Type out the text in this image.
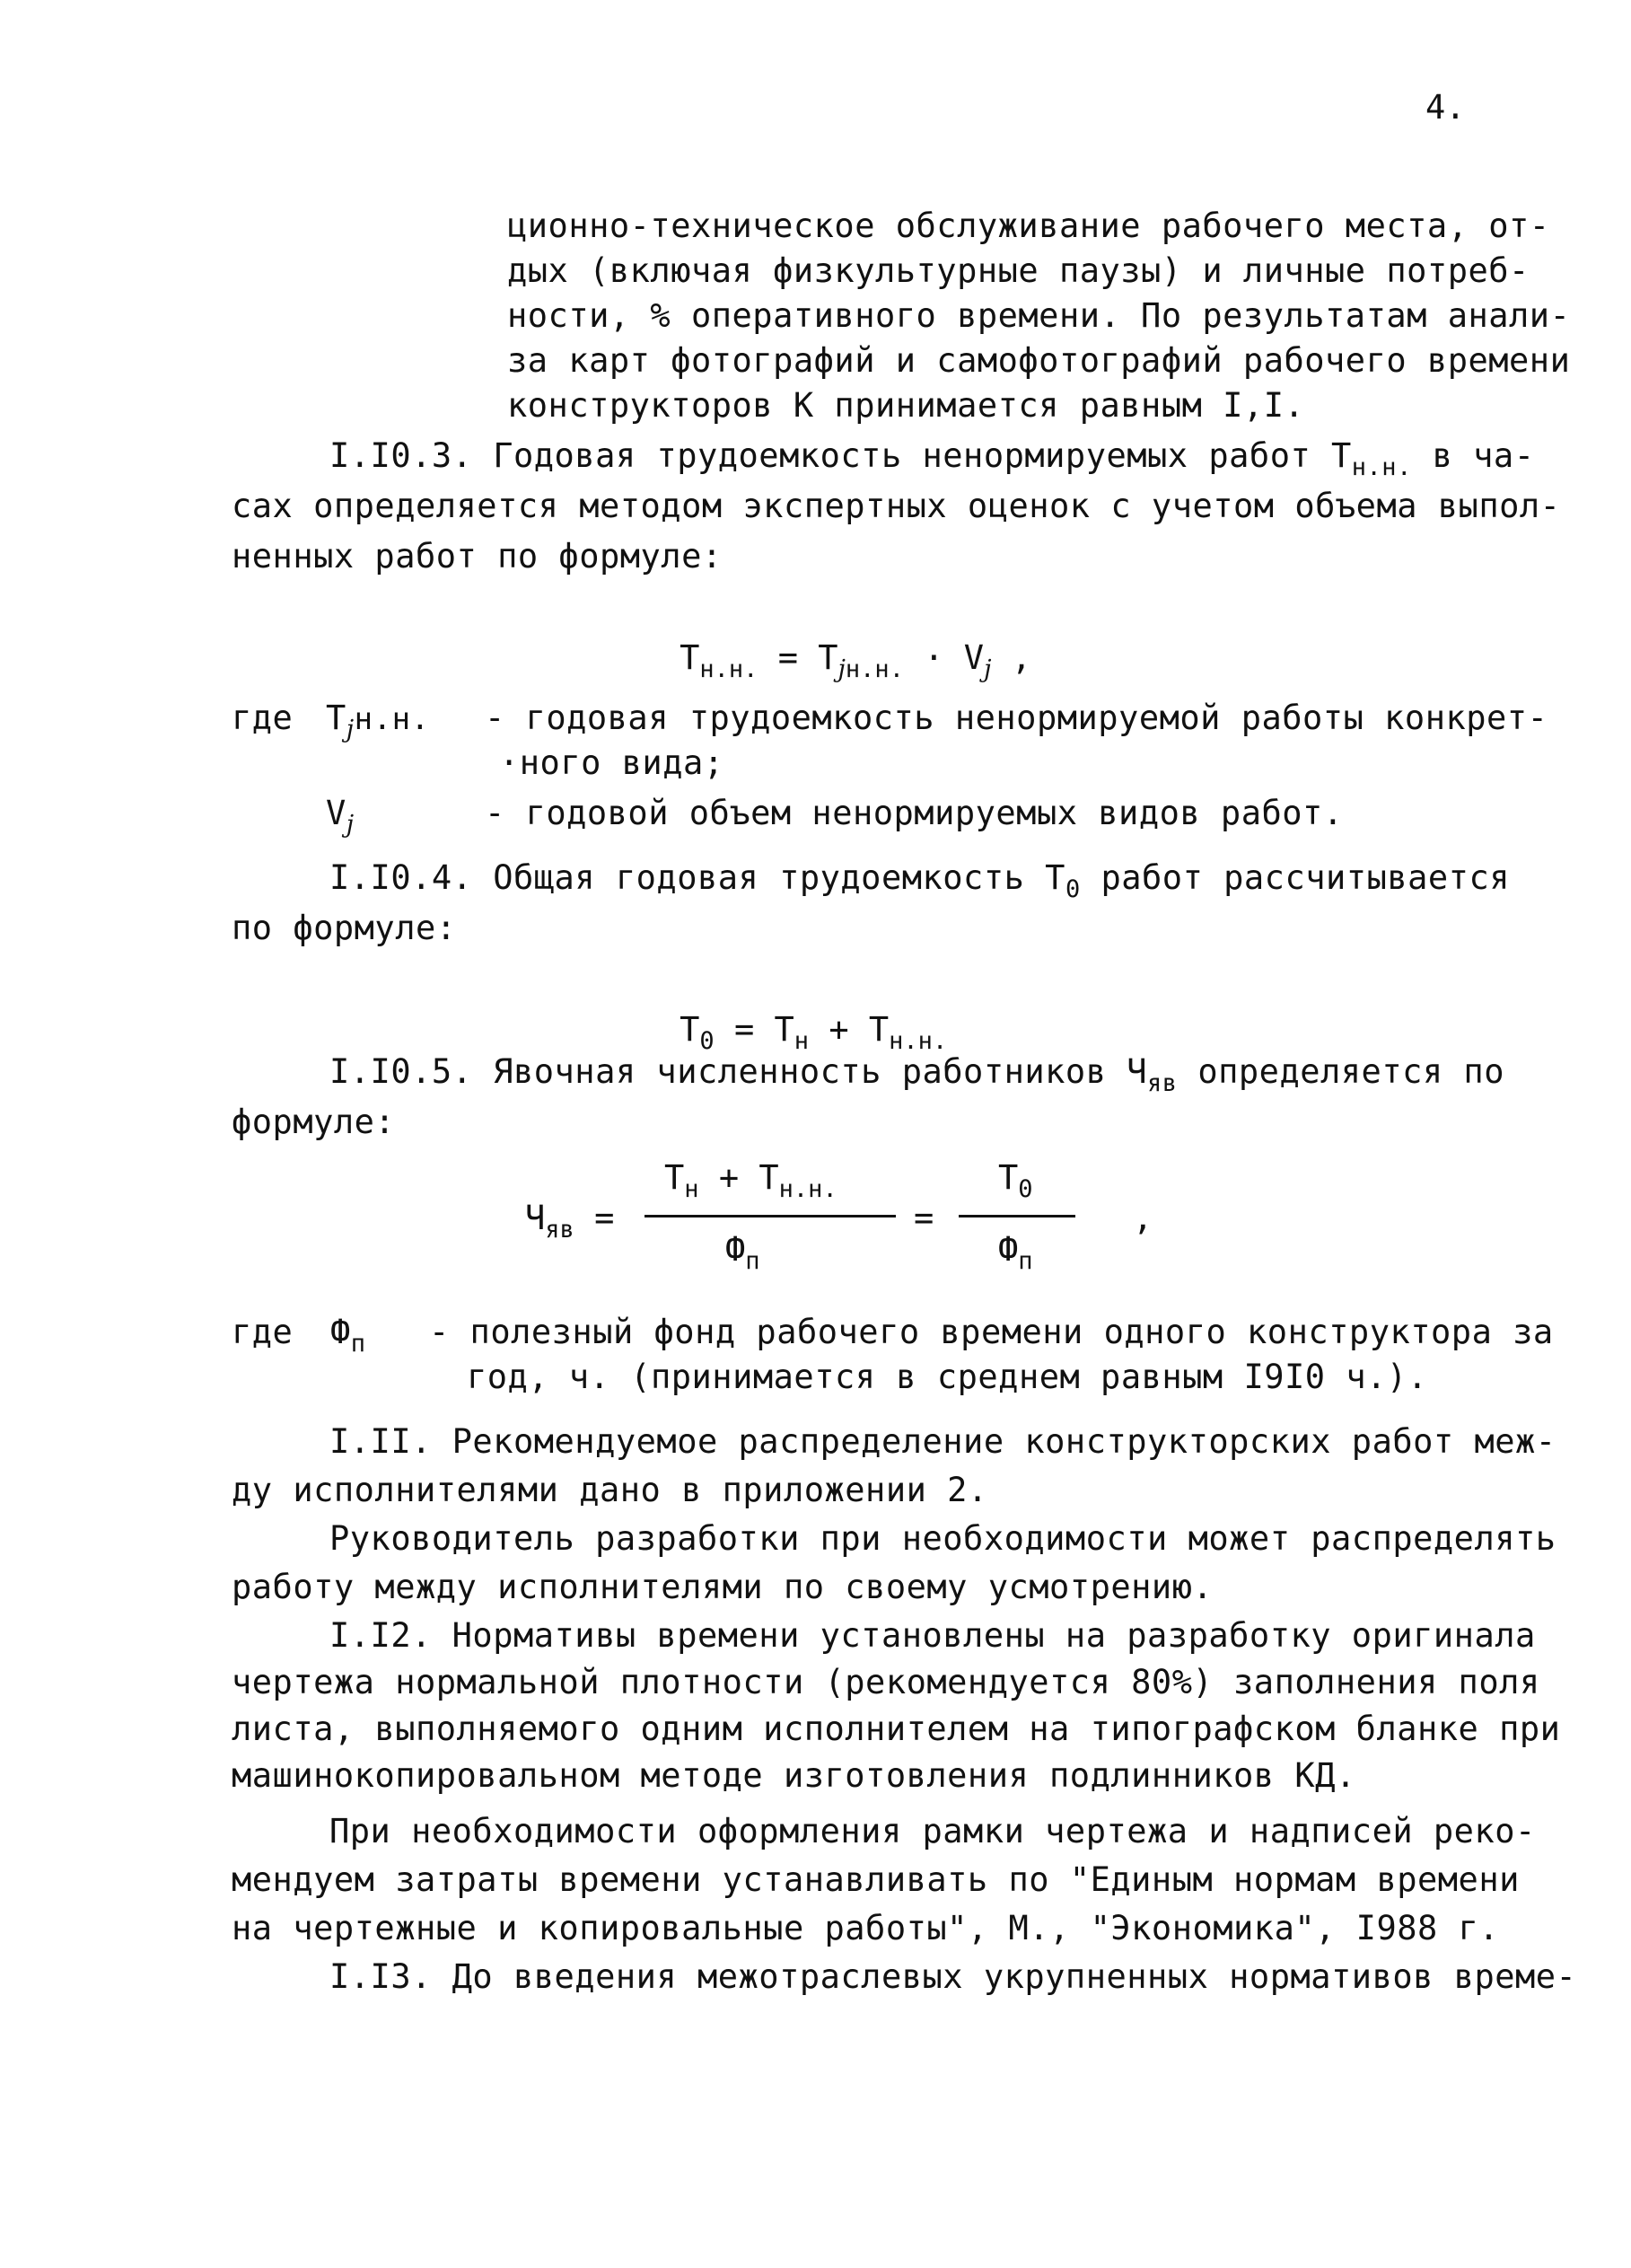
4.
ционно-техническое обслуживание рабочего места, от-
дых (включая физкультурные паузы) и личные потреб-
ности, % оперативного времени. По результатам анали-
за карт фотографий и самофотографий рабочего времени
конструкторов К принимается равным I,I.
I.I0.3. Годовая трудоемкость ненормируемых работ $Т_{н.н.}$ в ча-
сах определяется методом экспертных оценок с учетом объема выпол-
ненных работ по формуле:

$Т_{н.н.} = Т_{jн.н.} \cdot V_j$ ,

где $Т_jн.н$. - годовая трудоемкость ненормируемой работы конкрет-
·ного вида;
$V_j$	- годовой объем ненормируемых видов работ.
I.I0.4. Общая годовая трудоемкость $Т_0$ работ рассчитывается
по формуле:

$Т_0 = Т_н + Т_{н.н.}$

I.I0.5. Явочная численность работников $Ч_{яв}$ определяется по
формуле:
$Ч_{яв}$ =
$Т_н + Т_{н.н.}$
$Ф_п$
=
$Т_0$
$Ф_п$
,
где $Ф_п$ - полезный фонд рабочего времени одного конструктора за
год, ч. (принимается в среднем равным I9I0 ч.).
I.II. Рекомендуемое распределение конструкторских работ меж-
ду исполнителями дано в приложении 2.
Руководитель разработки при необходимости может распределять
работу между исполнителями по своему усмотрению.
I.I2. Нормативы времени установлены на разработку оригинала
чертежа нормальной плотности (рекомендуется 80%) заполнения поля
листа, выполняемого одним исполнителем на типографском бланке при
машинокопировальном методе изготовления подлинников КД.
При необходимости оформления рамки чертежа и надписей реко-
мендуем затраты времени устанавливать по "Единым нормам времени
на чертежные и копировальные работы", М., "Экономика", I988 г.
I.I3. До введения межотраслевых укрупненных нормативов време-
